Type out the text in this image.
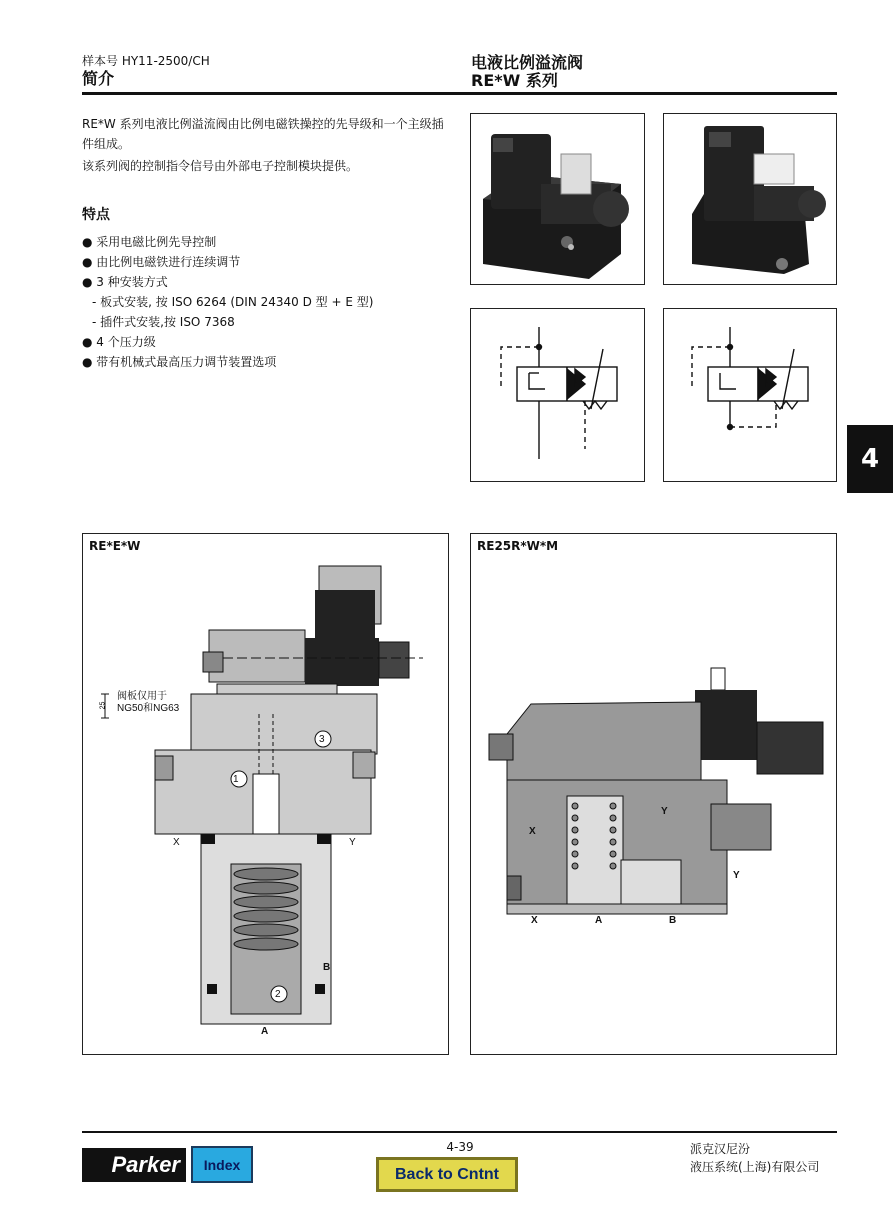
样本号 HY11-2500/CH
简介
电液比例溢流阀
RE*W 系列
RE*W 系列电液比例溢流阀由比例电磁铁操控的先导级和一个主级插件组成。
该系列阀的控制指令信号由外部电子控制模块提供。
特点
● 采用电磁比例先导控制
● 由比例电磁铁进行连续调节
● 3 种安装方式
- 板式安装, 按 ISO 6264 (DIN 24340 D 型 + E 型)
- 插件式安装,按 ISO 7368
● 4 个压力级
● 带有机械式最高压力调节装置选项
4
RE*E*W
阀板仅用于
NG50和NG63
25
1
3
2
X	Y
B
A
RE25R*W*M
Y
X
Y
X	A	B
Parker	Index
4-39
Back to Cntnt
派克汉尼汾
液压系统(上海)有限公司
